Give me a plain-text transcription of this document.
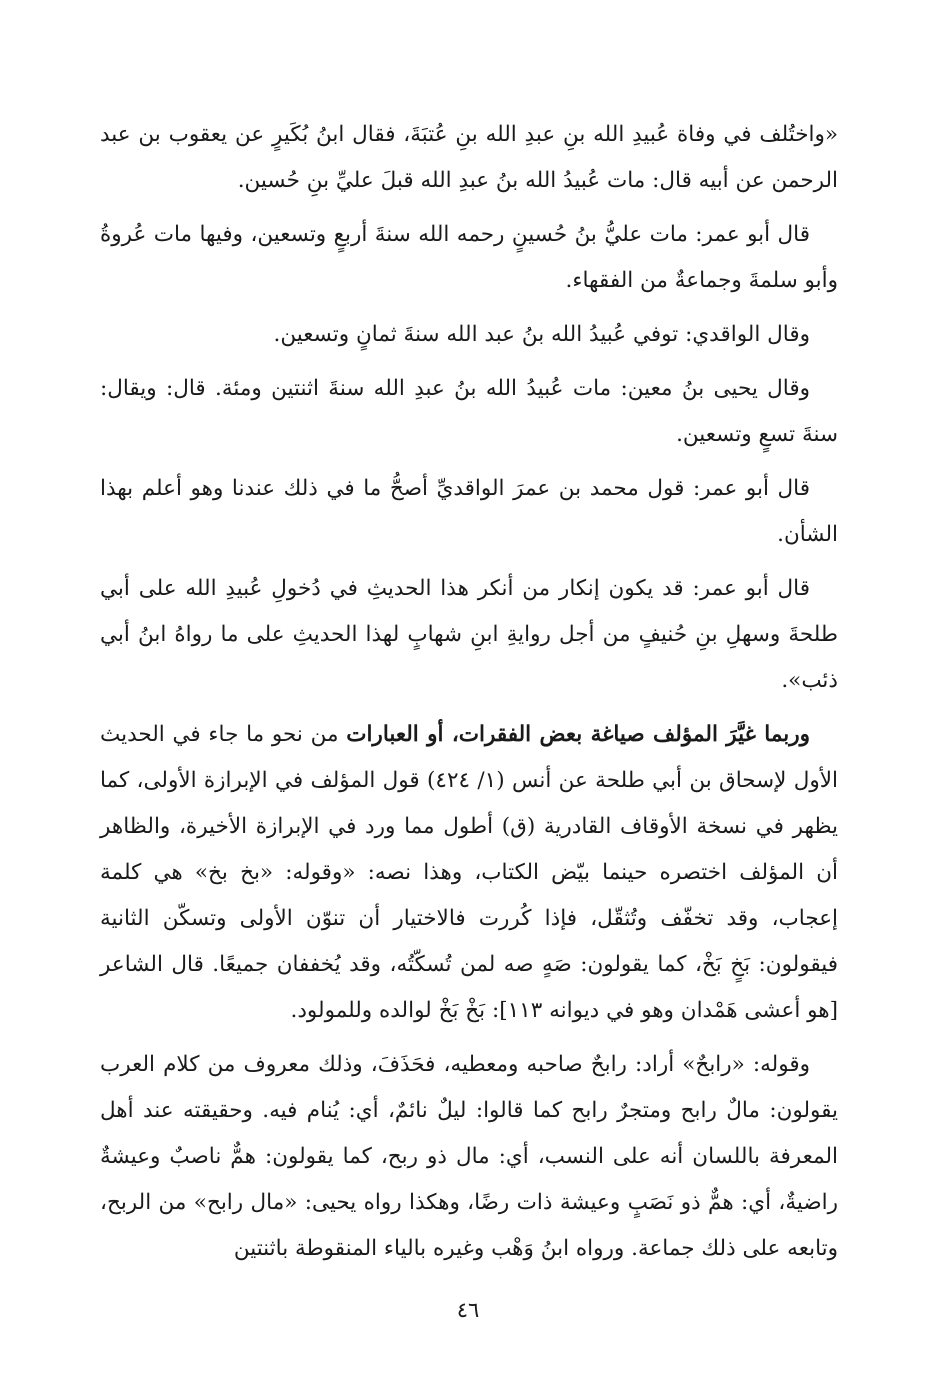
«واختُلف في وفاة عُبيدِ الله بنِ عبدِ الله بنِ عُتبَةَ، فقال ابنُ بُكَيرٍ عن يعقوب بن عبد الرحمن عن أبيه قال: مات عُبيدُ الله بنُ عبدِ الله قبلَ عليِّ بنِ حُسين.

قال أبو عمر: مات عليُّ بنُ حُسينٍ رحمه الله سنةَ أربعٍ وتسعين، وفيها مات عُروةُ وأبو سلمةَ وجماعةٌ من الفقهاء.

وقال الواقدي: توفي عُبيدُ الله بنُ عبد الله سنةَ ثمانٍ وتسعين.

وقال يحيى بنُ معين: مات عُبيدُ الله بنُ عبدِ الله سنةَ اثنتين ومئة. قال: ويقال: سنةَ تسعٍ وتسعين.

قال أبو عمر: قول محمد بن عمرَ الواقديِّ أصحُّ ما في ذلك عندنا وهو أعلم بهذا الشأن.

قال أبو عمر: قد يكون إنكار من أنكر هذا الحديثِ في دُخولِ عُبيدِ الله على أبي طلحةَ وسهلِ بنِ حُنيفٍ من أجل روايةِ ابنِ شهابٍ لهذا الحديثِ على ما رواهُ ابنُ أبي ذئب».

وربما غيَّرَ المؤلف صياغة بعض الفقرات، أو العبارات من نحو ما جاء في الحديث الأول لإسحاق بن أبي طلحة عن أنس (١/ ٤٢٤) قول المؤلف في الإبرازة الأولى، كما يظهر في نسخة الأوقاف القادرية (ق) أطول مما ورد في الإبرازة الأخيرة، والظاهر أن المؤلف اختصره حينما بيّض الكتاب، وهذا نصه: «وقوله: «بخ بخ» هي كلمة إعجاب، وقد تخفّف وتُثقّل، فإذا كُررت فالاختيار أن تنوّن الأولى وتسكّن الثانية فيقولون: بَخٍ بَخْ، كما يقولون: صَهٍ صه لمن تُسكّتُه، وقد يُخففان جميعًا. قال الشاعر [هو أعشى هَمْدان وهو في ديوانه ١١٣]: بَخْ بَخْ لوالده وللمولود.

وقوله: «رابحٌ» أراد: رابحٌ صاحبه ومعطيه، فحَذَفَ، وذلك معروف من كلام العرب يقولون: مالٌ رابح ومتجرٌ رابح كما قالوا: ليلٌ نائمٌ، أي: يُنام فيه. وحقيقته عند أهل المعرفة باللسان أنه على النسب، أي: مال ذو ربح، كما يقولون: همٌّ ناصبٌ وعيشةٌ راضيةٌ، أي: همٌّ ذو نَصَبٍ وعيشة ذات رضًا، وهكذا رواه يحيى: «مال رابح» من الربح، وتابعه على ذلك جماعة. ورواه ابنُ وَهْب وغيره بالياء المنقوطة باثنتين

٤٦
